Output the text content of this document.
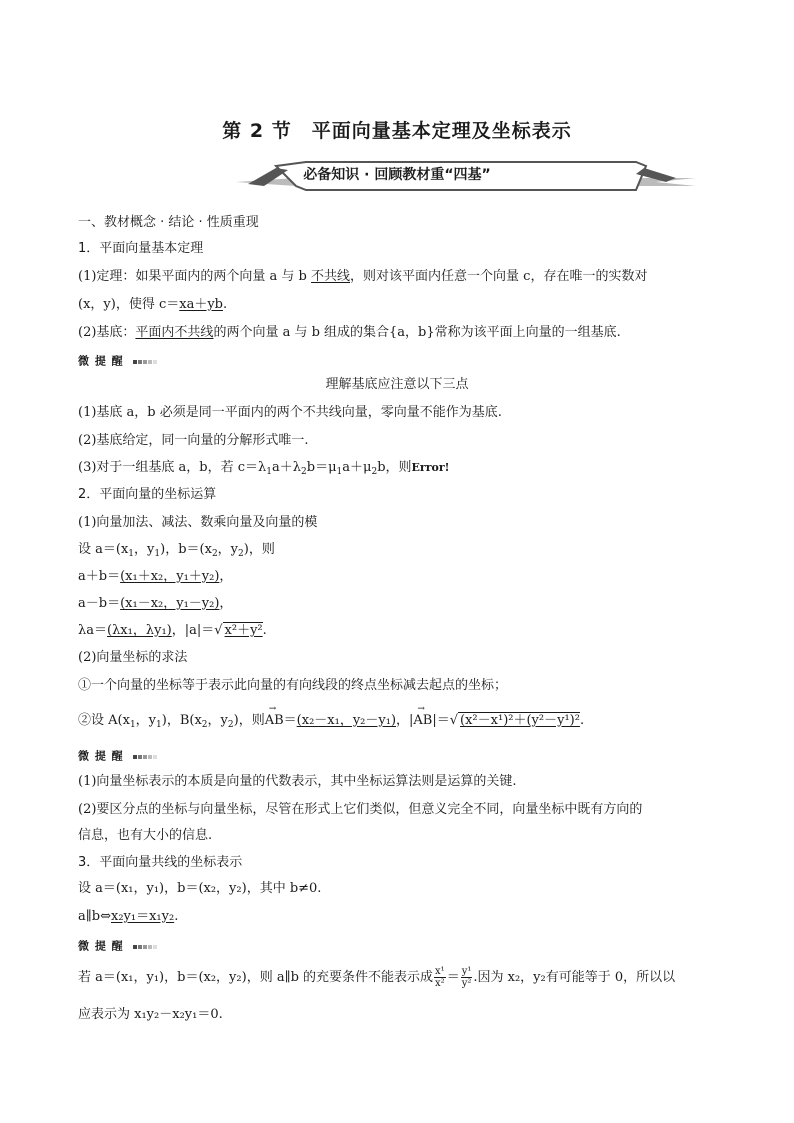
第 2 节　平面向量基本定理及坐标表示
必备知识 · 回顾教材重“四基”
一、教材概念 · 结论 · 性质重现
1．平面向量基本定理
(1)定理：如果平面内的两个向量 a 与 b 不共线，则对该平面内任意一个向量 c，存在唯一的实数对
(x，y)，使得 c＝xa＋yb.
(2)基底：平面内不共线的两个向量 a 与 b 组成的集合{a，b}常称为该平面上向量的一组基底.
微 提 醒
理解基底应注意以下三点
(1)基底 a，b 必须是同一平面内的两个不共线向量，零向量不能作为基底.
(2)基底给定，同一向量的分解形式唯一.
(3)对于一组基底 a，b，若 $c=\lambda_1a+\lambda_2b=\mu_1a+\mu_2b$，则Error!
2．平面向量的坐标运算
(1)向量加法、减法、数乘向量及向量的模
设 $a=(x_1$，$y_1$)，$b=(x_2$，$y_2$)，则
a＋b＝(x₁＋x₂，y₁＋y₂)，
a－b＝(x₁－x₂，y₁－y₂)，
λa＝(λx₁，λy₁)，|a|＝√ x²＋y².
(2)向量坐标的求法
①一个向量的坐标等于表示此向量的有向线段的终点坐标减去起点的坐标；
②设 $A(x_1$，$y_1$)，$B(x_2$，$y_2$)，则→ AB＝(x₂－x₁，y₂－y₁)，|→ AB|＝√ (x²－x¹)²＋(y²－y¹)².
微 提 醒
(1)向量坐标表示的本质是向量的代数表示，其中坐标运算法则是运算的关键.
(2)要区分点的坐标与向量坐标，尽管在形式上它们类似，但意义完全不同，向量坐标中既有方向的
信息，也有大小的信息.
3．平面向量共线的坐标表示
设 a＝(x₁，y₁)，b＝(x₂，y₂)，其中 b≠0.
a∥b⇔x₂y₁＝x₁y₂.
微 提 醒
若 a＝(x₁，y₁)，b＝(x₂，y₂)，则 a∥b 的充要条件不能表示成 $\frac{\text{x¹}}{\text{x²}} = \frac{\text{y¹}}{\text{y²}}$ .因为 x₂，y₂有可能等于 0，所以以
应表示为 x₁y₂－x₂y₁＝0.
